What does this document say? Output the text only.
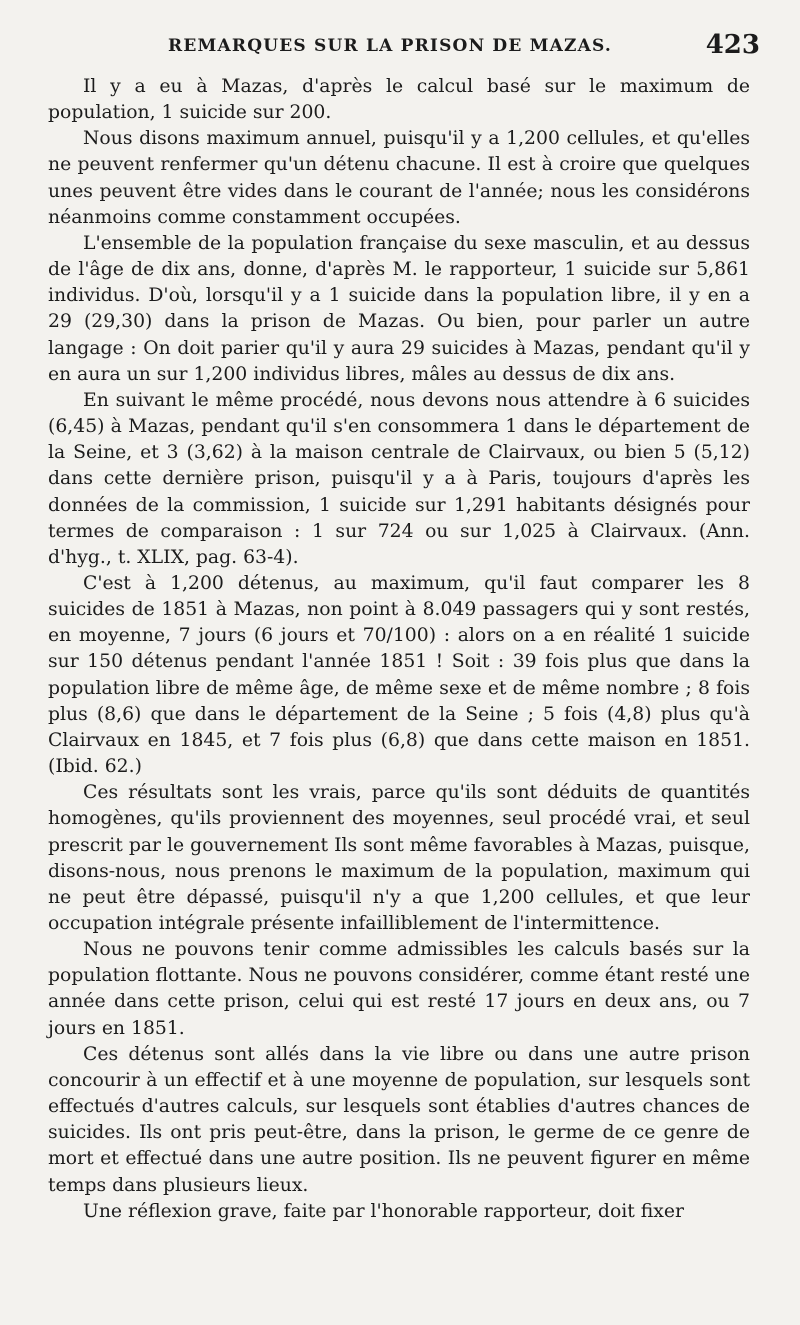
REMARQUES SUR LA PRISON DE MAZAS.	423

Il y a eu à Mazas, d'après le calcul basé sur le maximum de population, 1 suicide sur 200.

Nous disons maximum annuel, puisqu'il y a 1,200 cellules, et qu'elles ne peuvent renfermer qu'un détenu chacune. Il est à croire que quelques unes peuvent être vides dans le courant de l'année; nous les considérons néanmoins comme constamment occupées.

L'ensemble de la population française du sexe masculin, et au dessus de l'âge de dix ans, donne, d'après M. le rapporteur, 1 suicide sur 5,861 individus. D'où, lorsqu'il y a 1 suicide dans la population libre, il y en a 29 (29,30) dans la prison de Mazas. Ou bien, pour parler un autre langage : On doit parier qu'il y aura 29 suicides à Mazas, pendant qu'il y en aura un sur 1,200 individus libres, mâles au dessus de dix ans.

En suivant le même procédé, nous devons nous attendre à 6 suicides (6,45) à Mazas, pendant qu'il s'en consommera 1 dans le département de la Seine, et 3 (3,62) à la maison centrale de Clairvaux, ou bien 5 (5,12) dans cette dernière prison, puisqu'il y a à Paris, toujours d'après les données de la commission, 1 suicide sur 1,291 habitants désignés pour termes de comparaison : 1 sur 724 ou sur 1,025 à Clairvaux. (Ann. d'hyg., t. XLIX, pag. 63-4).

C'est à 1,200 détenus, au maximum, qu'il faut comparer les 8 suicides de 1851 à Mazas, non point à 8.049 passagers qui y sont restés, en moyenne, 7 jours (6 jours et 70/100) : alors on a en réalité 1 suicide sur 150 détenus pendant l'année 1851 ! Soit : 39 fois plus que dans la population libre de même âge, de même sexe et de même nombre ; 8 fois plus (8,6) que dans le département de la Seine ; 5 fois (4,8) plus qu'à Clairvaux en 1845, et 7 fois plus (6,8) que dans cette maison en 1851. (Ibid. 62.)

Ces résultats sont les vrais, parce qu'ils sont déduits de quantités homogènes, qu'ils proviennent des moyennes, seul procédé vrai, et seul prescrit par le gouvernement Ils sont même favorables à Mazas, puisque, disons-nous, nous prenons le maximum de la population, maximum qui ne peut être dépassé, puisqu'il n'y a que 1,200 cellules, et que leur occupation intégrale présente infailliblement de l'intermittence.

Nous ne pouvons tenir comme admissibles les calculs basés sur la population flottante. Nous ne pouvons considérer, comme étant resté une année dans cette prison, celui qui est resté 17 jours en deux ans, ou 7 jours en 1851.

Ces détenus sont allés dans la vie libre ou dans une autre prison concourir à un effectif et à une moyenne de population, sur lesquels sont effectués d'autres calculs, sur lesquels sont établies d'autres chances de suicides. Ils ont pris peut-être, dans la prison, le germe de ce genre de mort et effectué dans une autre position. Ils ne peuvent figurer en même temps dans plusieurs lieux.

Une réflexion grave, faite par l'honorable rapporteur, doit fixer
